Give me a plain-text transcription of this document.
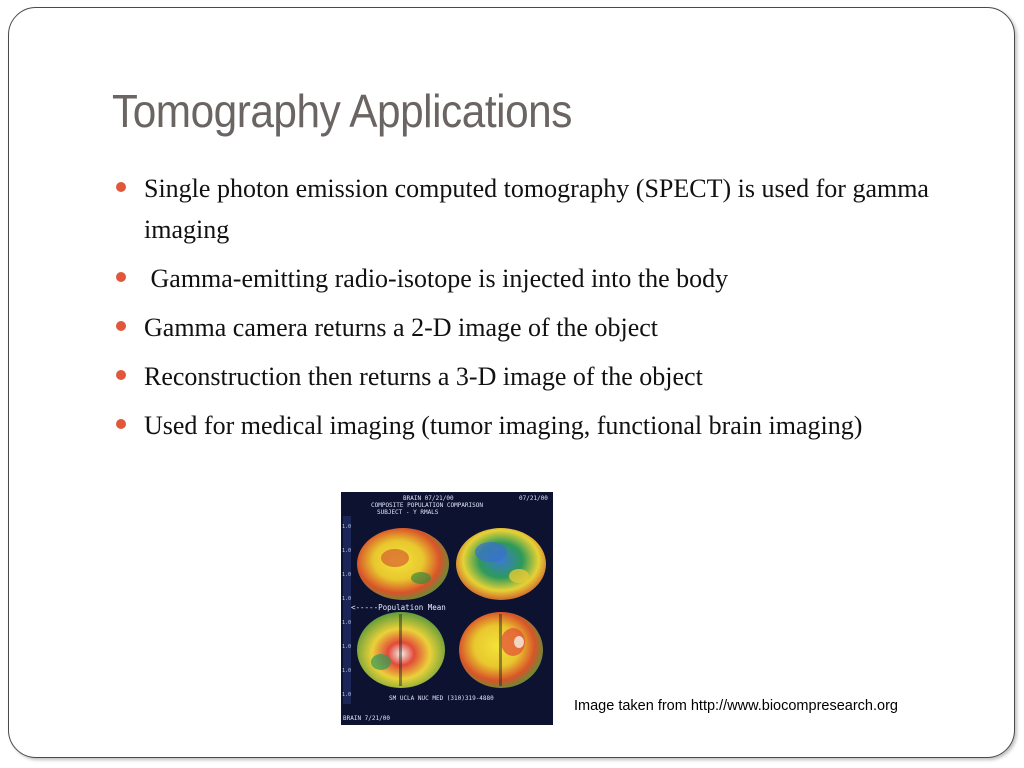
Tomography Applications
Single photon emission computed tomography (SPECT) is used for gamma imaging
Gamma-emitting radio-isotope is injected into the body
Gamma camera returns a 2-D image of the object
Reconstruction then returns a 3-D image of the object
Used for medical imaging (tumor imaging, functional brain imaging)
1.0
1.0
1.0
1.0
1.0
1.0
1.0
1.0
BRAIN 07/21/00	07/21/00
COMPOSITE POPULATION COMPARISON
SUBJECT - Y RMALS
<-----Population Mean
SM UCLA NUC MED (310)319-4880
BRAIN 7/21/00
Image taken from http://www.biocompresearch.org
